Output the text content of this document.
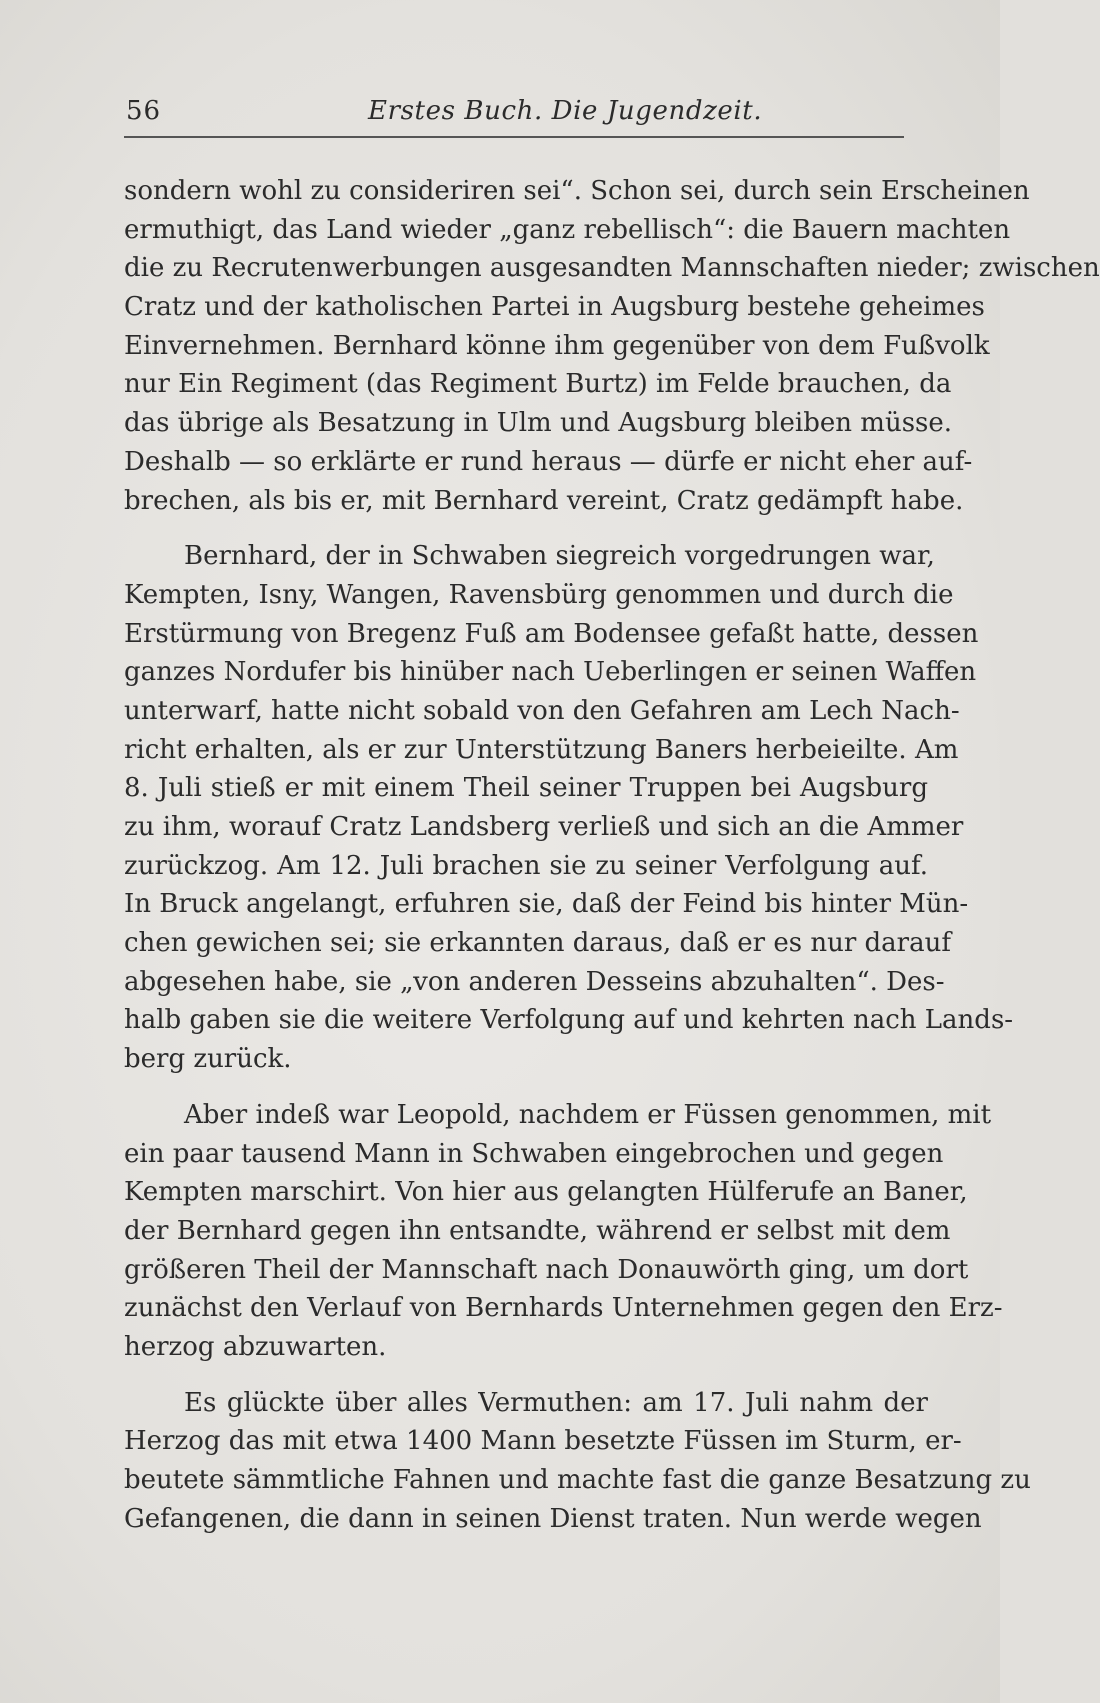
56	Erstes Buch. Die Jugendzeit.
sondern wohl zu consideriren sei“. Schon sei, durch sein Erscheinen
ermuthigt, das Land wieder „ganz rebellisch“: die Bauern machten
die zu Recrutenwerbungen ausgesandten Mannschaften nieder; zwischen
Cratz und der katholischen Partei in Augsburg bestehe geheimes
Einvernehmen. Bernhard könne ihm gegenüber von dem Fußvolk
nur Ein Regiment (das Regiment Burtz) im Felde brauchen, da
das übrige als Besatzung in Ulm und Augsburg bleiben müsse.
Deshalb — so erklärte er rund heraus — dürfe er nicht eher auf-
brechen, als bis er, mit Bernhard vereint, Cratz gedämpft habe.
Bernhard, der in Schwaben siegreich vorgedrungen war,
Kempten, Isny, Wangen, Ravensbürg genommen und durch die
Erstürmung von Bregenz Fuß am Bodensee gefaßt hatte, dessen
ganzes Nordufer bis hinüber nach Ueberlingen er seinen Waffen
unterwarf, hatte nicht sobald von den Gefahren am Lech Nach-
richt erhalten, als er zur Unterstützung Baners herbeieilte. Am
8. Juli stieß er mit einem Theil seiner Truppen bei Augsburg
zu ihm, worauf Cratz Landsberg verließ und sich an die Ammer
zurückzog. Am 12. Juli brachen sie zu seiner Verfolgung auf.
In Bruck angelangt, erfuhren sie, daß der Feind bis hinter Mün-
chen gewichen sei; sie erkannten daraus, daß er es nur darauf
abgesehen habe, sie „von anderen Desseins abzuhalten“. Des-
halb gaben sie die weitere Verfolgung auf und kehrten nach Lands-
berg zurück.
Aber indeß war Leopold, nachdem er Füssen genommen, mit
ein paar tausend Mann in Schwaben eingebrochen und gegen
Kempten marschirt. Von hier aus gelangten Hülferufe an Baner,
der Bernhard gegen ihn entsandte, während er selbst mit dem
größeren Theil der Mannschaft nach Donauwörth ging, um dort
zunächst den Verlauf von Bernhards Unternehmen gegen den Erz-
herzog abzuwarten.
Es glückte über alles Vermuthen: am 17. Juli nahm der
Herzog das mit etwa 1400 Mann besetzte Füssen im Sturm, er-
beutete sämmtliche Fahnen und machte fast die ganze Besatzung zu
Gefangenen, die dann in seinen Dienst traten. Nun werde wegen
